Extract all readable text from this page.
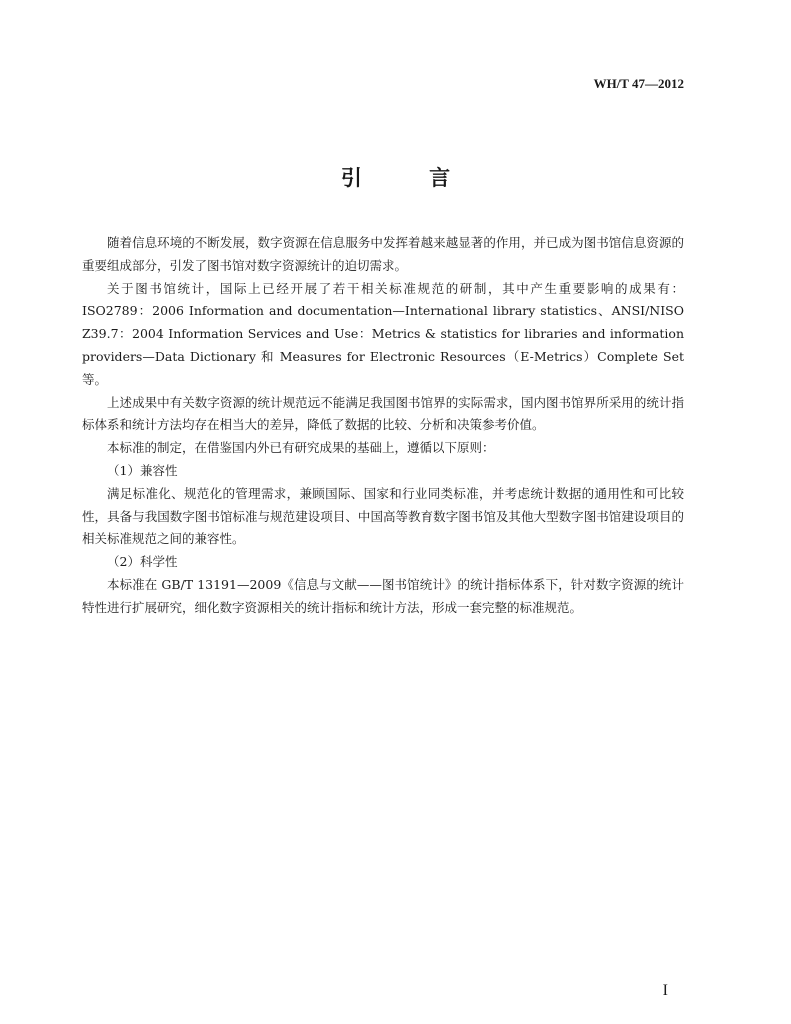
WH/T 47—2012
引 言

随着信息环境的不断发展，数字资源在信息服务中发挥着越来越显著的作用，并已成为图书馆信息资源的重要组成部分，引发了图书馆对数字资源统计的迫切需求。

关于图书馆统计，国际上已经开展了若干相关标准规范的研制，其中产生重要影响的成果有：ISO2789：2006 Information and documentation—International library statistics、ANSI/NISO Z39.7：2004 Information Services and Use：Metrics & statistics for libraries and information providers—Data Dictionary 和 Measures for Electronic Resources（E-Metrics）Complete Set 等。

上述成果中有关数字资源的统计规范远不能满足我国图书馆界的实际需求，国内图书馆界所采用的统计指标体系和统计方法均存在相当大的差异，降低了数据的比较、分析和决策参考价值。

本标准的制定，在借鉴国内外已有研究成果的基础上，遵循以下原则：

（1）兼容性

满足标准化、规范化的管理需求，兼顾国际、国家和行业同类标准，并考虑统计数据的通用性和可比较性，具备与我国数字图书馆标准与规范建设项目、中国高等教育数字图书馆及其他大型数字图书馆建设项目的相关标准规范之间的兼容性。

（2）科学性

本标准在 GB/T 13191—2009《信息与文献——图书馆统计》的统计指标体系下，针对数字资源的统计特性进行扩展研究，细化数字资源相关的统计指标和统计方法，形成一套完整的标准规范。

I
